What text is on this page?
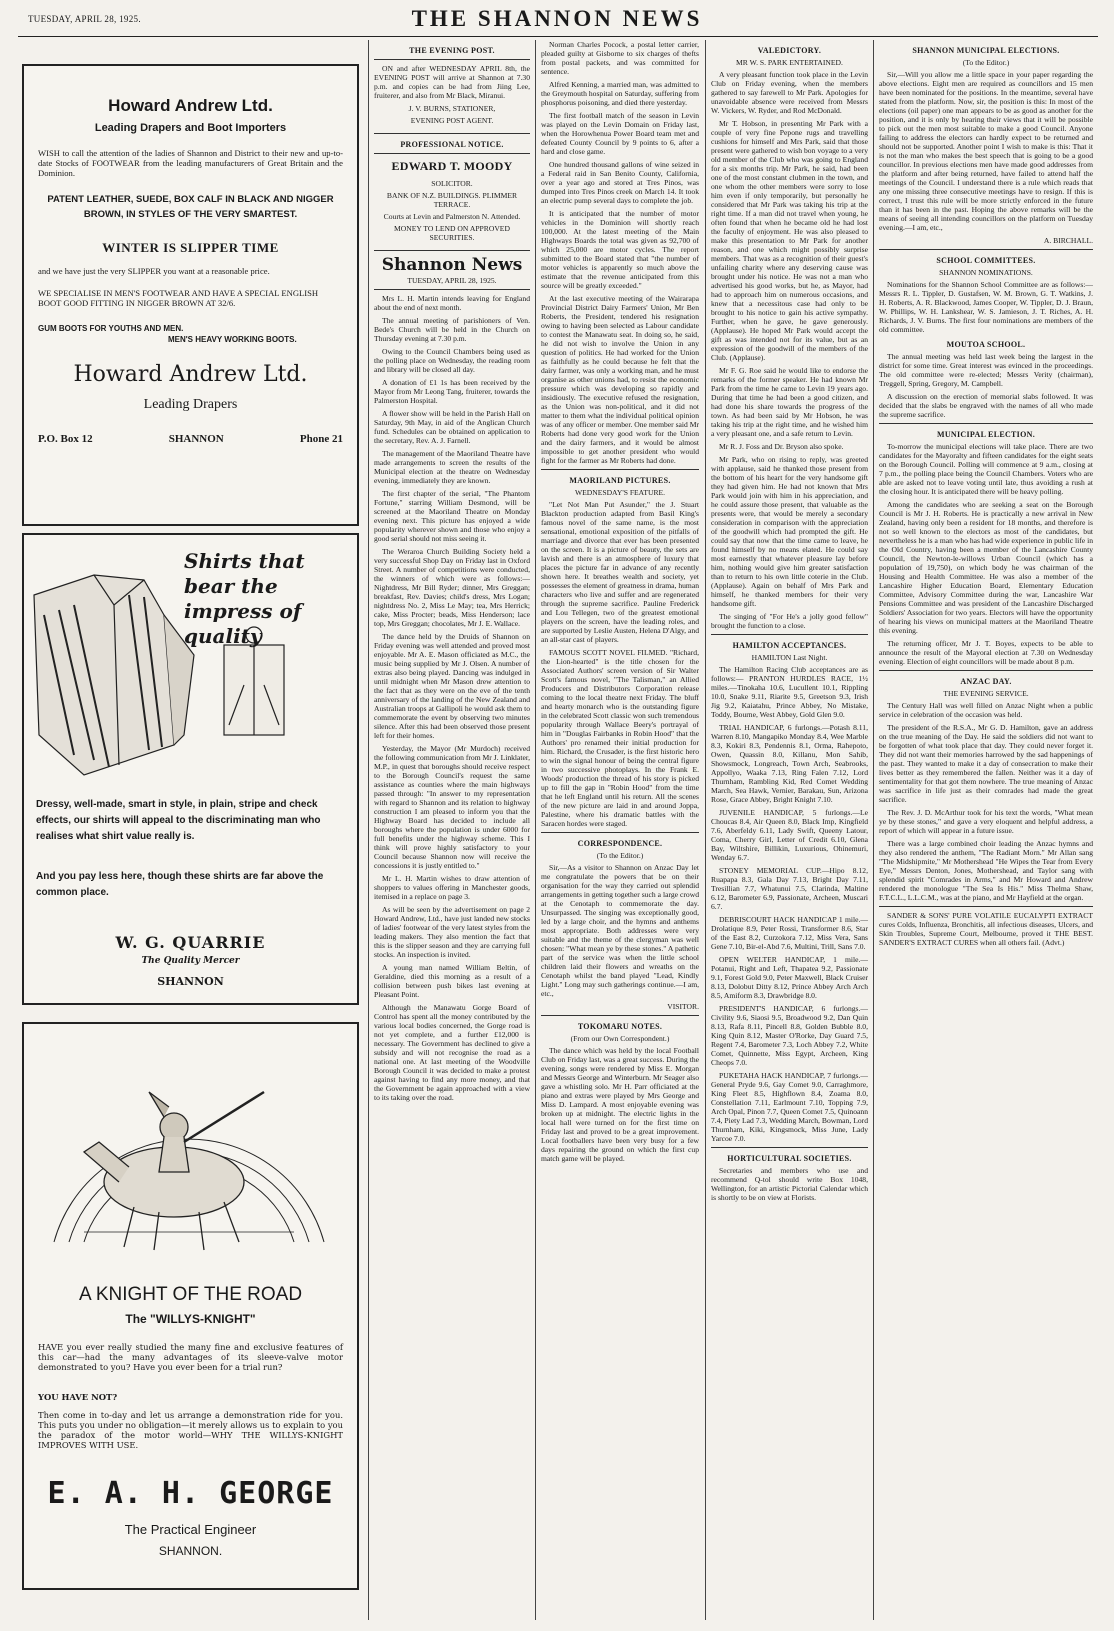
TUESDAY, APRIL 28, 1925.	THE SHANNON NEWS

Howard Andrew Ltd.

Leading Drapers and Boot Importers

WISH to call the attention of the ladies of Shannon and District to their new and up-to-date Stocks of FOOTWEAR from the leading manufacturers of Great Britain and the Dominion.

PATENT LEATHER, SUEDE, BOX CALF IN BLACK AND NIGGER BROWN, IN STYLES OF THE VERY SMARTEST.

WINTER IS SLIPPER TIME

and we have just the very SLIPPER you want at a reasonable price.

WE SPECIALISE IN MEN'S FOOTWEAR AND HAVE A SPECIAL ENGLISH BOOT GOOD FITTING IN NIGGER BROWN AT 32/6.

GUM BOOTS FOR YOUTHS AND MEN.

MEN'S HEAVY WORKING BOOTS.

Howard Andrew Ltd.

Leading Drapers

P.O. Box 12	SHANNON	Phone 21
Shirts that bear the impress of quality
Dressy, well-made, smart in style, in plain, stripe and check effects, our shirts will appeal to the discriminating man who realises what shirt value really is.
And you pay less here, though these shirts are far above the common place.
W. G. QUARRIE
The Quality Mercer
SHANNON
A KNIGHT OF THE ROAD
The "WILLYS-KNIGHT"
HAVE you ever really studied the many fine and exclusive features of this car—had the many advantages of its sleeve-valve motor demonstrated to you? Have you ever been for a trial run?
YOU HAVE NOT?
Then come in to-day and let us arrange a demonstration ride for you. This puts you under no obligation—it merely allows us to explain to you the paradox of the motor world—WHY THE WILLYS-KNIGHT IMPROVES WITH USE.
E. A. H. GEORGE
The Practical Engineer
SHANNON.
THE EVENING POST.

ON and after WEDNESDAY APRIL 8th, the EVENING POST will arrive at Shannon at 7.30 p.m. and copies can be had from Jiing Lee, fruiterer, and also from Mr Black, Miranui.

J. V. BURNS, STATIONER,
EVENING POST AGENT.
PROFESSIONAL NOTICE.
EDWARD T. MOODY
SOLICITOR.
BANK OF N.Z. BUILDINGS. PLIMMER TERRACE.
Courts at Levin and Palmerston N. Attended.
MONEY TO LEND ON APPROVED SECURITIES.
Shannon News
TUESDAY, APRIL 28, 1925.

Mrs L. H. Martin intends leaving for England about the end of next month.

The annual meeting of parishioners of Ven. Bede's Church will be held in the Church on Thursday evening at 7.30 p.m.

Owing to the Council Chambers being used as the polling place on Wednesday, the reading room and library will be closed all day.

A donation of £1 1s has been received by the Mayor from Mr Leong Tang, fruiterer, towards the Palmerston Hospital.

A flower show will be held in the Parish Hall on Saturday, 9th May, in aid of the Anglican Church fund. Schedules can be obtained on application to the secretary, Rev. A. J. Farnell.

The management of the Maoriland Theatre have made arrangements to screen the results of the Municipal election at the theatre on Wednesday evening, immediately they are known.

The first chapter of the serial, "The Phantom Fortune," starring William Desmond, will be screened at the Maoriland Theatre on Monday evening next. This picture has enjoyed a wide popularity wherever shown and those who enjoy a good serial should not miss seeing it.

The Weraroa Church Building Society held a very successful Shop Day on Friday last in Oxford Street. A number of competitions were conducted, the winners of which were as follows:—Nightdress, Mr Bill Ryder; dinner, Mrs Greggan; breakfast, Rev. Davies; child's dress, Mrs Logan; nightdress No. 2, Miss Le May; tea, Mrs Herrick; cake, Miss Procter; beads, Miss Henderson; lace top, Mrs Greggan; chocolates, Mr J. E. Wallace.

The dance held by the Druids of Shannon on Friday evening was well attended and proved most enjoyable. Mr A. E. Mason officiated as M.C., the music being supplied by Mr J. Olsen. A number of extras also being played. Dancing was indulged in until midnight when Mr Mason drew attention to the fact that as they were on the eve of the tenth anniversary of the landing of the New Zealand and Australian troops at Gallipoli he would ask them to commemorate the event by observing two minutes silence. After this had been observed those present left for their homes.

Yesterday, the Mayor (Mr Murdoch) received the following communication from Mr J. Linklater, M.P., in quest that boroughs should receive respect to the Borough Council's request the same assistance as counties where the main highways passed through: "In answer to my representation with regard to Shannon and its relation to highway construction I am pleased to inform you that the Highway Board has decided to include all boroughs where the population is under 6000 for full benefits under the highway scheme. This I think will prove highly satisfactory to your Council because Shannon now will receive the concessions it is justly entitled to."

Mr L. H. Martin wishes to draw attention of shoppers to values offering in Manchester goods, itemised in a replace on page 3.

As will be seen by the advertisement on page 2 Howard Andrew, Ltd., have just landed new stocks of ladies' footwear of the very latest styles from the leading makers. They also mention the fact that this is the slipper season and they are carrying full stocks. An inspection is invited.

A young man named William Beltin, of Geraldine, died this morning as a result of a collision between push bikes last evening at Pleasant Point.

Although the Manawatu Gorge Board of Control has spent all the money contributed by the various local bodies concerned, the Gorge road is not yet complete, and a further £12,000 is necessary. The Government has declined to give a subsidy and will not recognise the road as a national one. At last meeting of the Woodville Borough Council it was decided to make a protest against having to find any more money, and that the Government be again approached with a view to its taking over the road.

Norman Charles Pocock, a postal letter carrier, pleaded guilty at Gisborne to six charges of thefts from postal packets, and was committed for sentence.

Alfred Kenning, a married man, was admitted to the Greymouth hospital on Saturday, suffering from phosphorus poisoning, and died there yesterday.

The first football match of the season in Levin was played on the Levin Domain on Friday last, when the Horowhenua Power Board team met and defeated County Council by 9 points to 6, after a hard and close game.

One hundred thousand gallons of wine seized in a Federal raid in San Benito County, California, over a year ago and stored at Tres Pinos, was dumped into Tres Pinos creek on March 14. It took an electric pump several days to complete the job.

It is anticipated that the number of motor vehicles in the Dominion will shortly reach 100,000. At the latest meeting of the Main Highways Boards the total was given as 92,700 of which 25,000 are motor cycles. The report submitted to the Board stated that "the number of motor vehicles is apparently so much above the estimate that the revenue anticipated from this source will be greatly exceeded."

At the last executive meeting of the Wairarapa Provincial District Dairy Farmers' Union, Mr Ben Roberts, the President, tendered his resignation owing to having been selected as Labour candidate to contest the Manawatu seat. In doing so, he said, he did not wish to involve the Union in any question of politics. He had worked for the Union as faithfully as he could because he felt that the dairy farmer, was only a working man, and he must organise as other unions had, to resist the economic pressure which was developing so rapidly and insidiously. The executive refused the resignation, as the Union was non-political, and it did not matter to them what the individual political opinion was of any officer or member. One member said Mr Roberts had done very good work for the Union and the dairy farmers, and it would be almost impossible to get another president who would fight for the farmer as Mr Roberts had done.

MAORILAND PICTURES.
WEDNESDAY'S FEATURE.

"Let Not Man Put Asunder," the J. Stuart Blackton production adapted from Basil King's famous novel of the same name, is the most sensational, emotional exposition of the pitfalls of marriage and divorce that ever has been presented on the screen. It is a picture of beauty, the sets are lavish and there is an atmosphere of luxury that places the picture far in advance of any recently shown here. It breathes wealth and society, yet possesses the element of greatness in drama, human characters who live and suffer and are regenerated through the supreme sacrifice. Pauline Frederick and Lou Tellegen, two of the greatest emotional players on the screen, have the leading roles, and are supported by Leslie Austen, Helena D'Algy, and an all-star cast of players.

FAMOUS SCOTT NOVEL FILMED. "Richard, the Lion-hearted" is the title chosen for the Associated Authors' screen version of Sir Walter Scott's famous novel, "The Talisman," an Allied Producers and Distributors Corporation release coming to the local theatre next Friday. The bluff and hearty monarch who is the outstanding figure in the celebrated Scott classic won such tremendous popularity through Wallace Beery's portrayal of him in "Douglas Fairbanks in Robin Hood" that the Authors' pro renamed their initial production for him. Richard, the Crusader, is the first historic hero to win the signal honour of being the central figure in two successive photoplays. In the Frank E. Woods' production the thread of his story is picked up to fill the gap in "Robin Hood" from the time that he left England until his return. All the scenes of the new picture are laid in and around Joppa, Palestine, where his dramatic battles with the Saracen hordes were staged.

CORRESPONDENCE.
(To the Editor.)

Sir,—As a visitor to Shannon on Anzac Day let me congratulate the powers that be on their organisation for the way they carried out splendid arrangements in getting together such a large crowd at the Cenotaph to commemorate the day. Unsurpassed. The singing was exceptionally good, led by a large choir, and the hymns and anthems most appropriate. Both addresses were very suitable and the theme of the clergyman was well chosen: "What mean ye by these stones." A pathetic part of the service was when the little school children laid their flowers and wreaths on the Cenotaph whilst the band played "Lead, Kindly Light." Long may such gatherings continue.—I am, etc.,

VISITOR.
TOKOMARU NOTES.
(From our Own Correspondent.)

The dance which was held by the local Football Club on Friday last, was a great success. During the evening, songs were rendered by Miss E. Morgan and Messrs George and Winterburn. Mr Seager also gave a whistling solo. Mr H. Parr officiated at the piano and extras were played by Mrs George and Miss D. Lampard. A most enjoyable evening was broken up at midnight. The electric lights in the local hall were turned on for the first time on Friday last and proved to be a great improvement. Local footballers have been very busy for a few days repairing the ground on which the first cup match game will be played.

VALEDICTORY.
MR W. S. PARK ENTERTAINED.

A very pleasant function took place in the Levin Club on Friday evening, when the members gathered to say farewell to Mr Park. Apologies for unavoidable absence were received from Messrs W. Vickers, W. Ryder, and Rod McDonald.

Mr T. Hobson, in presenting Mr Park with a couple of very fine Pepone rugs and travelling cushions for himself and Mrs Park, said that those present were gathered to wish bon voyage to a very old member of the Club who was going to England for a six months trip. Mr Park, he said, had been one of the most constant clubmen in the town, and one whom the other members were sorry to lose him even if only temporarily, but personally he considered that Mr Park was taking his trip at the right time. If a man did not travel when young, he often found that when he became old he had lost the faculty of enjoyment. He was also pleased to make this presentation to Mr Park for another reason, and one which might possibly surprise members. That was as a recognition of their guest's unfailing charity where any deserving cause was brought under his notice. He was not a man who advertised his good works, but he, as Mayor, had had to approach him on numerous occasions, and knew that a necessitous case had only to be brought to his notice to gain his active sympathy. Further, when he gave, he gave generously. (Applause). He hoped Mr Park would accept the gift as was intended not for its value, but as an expression of the goodwill of the members of the Club. (Applause).

Mr F. G. Roe said he would like to endorse the remarks of the former speaker. He had known Mr Park from the time he came to Levin 19 years ago. During that time he had been a good citizen, and had done his share towards the progress of the town. As had been said by Mr Hobson, he was taking his trip at the right time, and he wished him a very pleasant one, and a safe return to Levin.

Mr R. J. Foss and Dr. Bryson also spoke.

Mr Park, who on rising to reply, was greeted with applause, said he thanked those present from the bottom of his heart for the very handsome gift they had given him. He had not known that Mrs Park would join with him in his appreciation, and he could assure those present, that valuable as the presents were, that would be merely a secondary consideration in comparison with the appreciation of the goodwill which had prompted the gift. He could say that now that the time came to leave, he found himself by no means elated. He could say most earnestly that whatever pleasure lay before him, nothing would give him greater satisfaction than to return to his own little coterie in the Club. (Applause). Again on behalf of Mrs Park and himself, he thanked members for their very handsome gift.

The singing of "For He's a jolly good fellow" brought the function to a close.

HAMILTON ACCEPTANCES.
HAMILTON Last Night.

The Hamilton Racing Club acceptances are as follows:— PRANTON HURDLES RACE, 1½ miles.—Tinokaha 10.6, Lucullent 10.1, Rippling 10.0, Snake 9.11, Riarite 9.5, Greetson 9.3, Irish Jig 9.2, Kaiatahu, Prince Abbey, No Mistake, Toddy, Bourne, West Abbey, Gold Glen 9.0.

TRIAL HANDICAP, 6 furlongs.—Potash 8.11, Warren 8.10, Mangapiko Monday 8.4, Wee Marble 8.3, Kokiri 8.3, Pendennis 8.1, Orma, Rahepoto, Owen, Quassin 8.0, Killanu, Mon Sahib, Showsmock, Longreach, Town Arch, Seabrooks, Appollyo, Waaka 7.13, Ring Falen 7.12, Lord Thurnham, Rambling Kid, Red Comet Wedding March, Sea Hawk, Vernier, Barakau, Sun, Arizona Rose, Grace Abbey, Bright Knight 7.10.

JUVENILE HANDICAP, 5 furlongs.—Le Choucas 8.4, Air Queen 8.0, Black Imp, Kingfield 7.6, Aberfeldy 6.11, Lady Swift, Queeny Latour, Coma, Cherry Girl, Letter of Credit 6.10, Glena Bay, Wiltshire, Billikin, Luxurious, Ohinemuri, Wenday 6.7.

STONEY MEMORIAL CUP.—Hipo 8.12, Ruapapa 8.3, Gala Day 7.13, Bright Day 7.11, Tresillian 7.7, Whatunui 7.5, Clarinda, Maltine 6.12, Barometer 6.9, Passionate, Archeen, Muscari 6.7.

DEBRISCOURT HACK HANDICAP 1 mile.—Drolatique 8.9, Peter Rossi, Transformer 8.6, Star of the East 8.2, Curzokora 7.12, Miss Vera, Sans Gene 7.10, Bir-el-Abd 7.6, Multini, Trill, Sans 7.0.

OPEN WELTER HANDICAP, 1 mile.—Potanui, Right and Left, Thapatea 9.2, Passionate 9.1, Forest Gold 9.0, Peter Maxwell, Black Cruiser 8.13, Dolobut Ditty 8.12, Prince Abbey Arch Arch 8.5, Amiform 8.3, Drawbridge 8.0.

PRESIDENT'S HANDICAP, 6 furlongs.—Civility 9.6, Siaosi 9.5, Broadwood 9.2, Dan Quin 8.13, Rafa 8.11, Pincell 8.8, Golden Bubble 8.0, King Quin 8.12, Master O'Rorke, Day Guard 7.5, Regent 7.4, Barometer 7.3, Loch Abbey 7.2, White Comet, Quinnette, Miss Egypt, Archeen, King Cheops 7.0.

PUKETAHA HACK HANDICAP, 7 furlongs.—General Pryde 9.6, Gay Comet 9.0, Carraghmore, King Fleet 8.5, Highflown 8.4, Zoama 8.0, Constellation 7.11, Earlmount 7.10, Topping 7.9, Arch Opal, Pinon 7.7, Queen Comet 7.5, Quinoann 7.4, Piety Lad 7.3, Wedding March, Bowman, Lord Thurnham, Kiki, Kingsmock, Miss June, Lady Yarcoe 7.0.

HORTICULTURAL SOCIETIES.

Secretaries and members who use and recommend Q-tol should write Box 1048, Wellington, for an artistic Pictorial Calendar which is shortly to be on view at Florists.

SHANNON MUNICIPAL ELECTIONS.
(To the Editor.)

Sir,—Will you allow me a little space in your paper regarding the above elections. Eight men are required as councillors and 15 men have been nominated for the positions. In the meantime, several have stated from the platform. Now, sir, the position is this: In most of the elections (oil paper) one man appears to be as good as another for the position, and it is only by hearing their views that it will be possible to pick out the men most suitable to make a good Council. Anyone failing to address the electors can hardly expect to be returned and should not be supported. Another point I wish to make is this: That it is not the man who makes the best speech that is going to be a good councillor. In previous elections men have made good addresses from the platform and after being returned, have failed to attend half the meetings of the Council. I understand there is a rule which reads that any one missing three consecutive meetings have to resign. If this is correct, I trust this rule will be more strictly enforced in the future than it has been in the past. Hoping the above remarks will be the means of seeing all intending councillors on the platform on Tuesday evening.—I am, etc.,

A. BIRCHALL.
SCHOOL COMMITTEES.
SHANNON NOMINATIONS.

Nominations for the Shannon School Committee are as follows:—Messrs R. L. Tippler, D. Gustafsen, W. M. Brown, G. T. Watkins, J. H. Roberts, A. R. Blackwood, James Cooper, W. Tippler, D. J. Braun, W. Phillips, W. H. Lankshear, W. S. Jamieson, J. T. Riches, A. H. Richards, J. V. Burns. The first four nominations are members of the old committee.

MOUTOA SCHOOL.

The annual meeting was held last week being the largest in the district for some time. Great interest was evinced in the proceedings. The old committee were re-elected; Messrs Verity (chairman), Treggell, Spring, Gregory, M. Campbell.

A discussion on the erection of memorial slabs followed. It was decided that the slabs be engraved with the names of all who made the supreme sacrifice.

MUNICIPAL ELECTION.

To-morrow the municipal elections will take place. There are two candidates for the Mayoralty and fifteen candidates for the eight seats on the Borough Council. Polling will commence at 9 a.m., closing at 7 p.m., the polling place being the Council Chambers. Voters who are able are asked not to leave voting until late, thus avoiding a rush at the closing hour. It is anticipated there will be heavy polling.

Among the candidates who are seeking a seat on the Borough Council is Mr J. H. Roberts. He is practically a new arrival in New Zealand, having only been a resident for 18 months, and therefore is not so well known to the electors as most of the candidates, but nevertheless he is a man who has had wide experience in public life in the Old Country, having been a member of the Lancashire County Council, the Newton-le-willows Urban Council (which has a population of 19,750), on which body he was chairman of the Housing and Health Committee. He was also a member of the Lancashire Higher Education Board, Elementary Education Committee, Advisory Committee during the war, Lancashire War Pensions Committee and was president of the Lancashire Discharged Soldiers' Association for two years. Electors will have the opportunity of hearing his views on municipal matters at the Maoriland Theatre this evening.

The returning officer, Mr J. T. Boyes, expects to be able to announce the result of the Mayoral election at 7.30 on Wednesday evening. Election of eight councillors will be made about 8 p.m.

ANZAC DAY.
THE EVENING SERVICE.

The Century Hall was well filled on Anzac Night when a public service in celebration of the occasion was held.

The president of the R.S.A., Mr G. D. Hamilton, gave an address on the true meaning of the Day. He said the soldiers did not want to be forgotten of what took place that day. They could never forget it. They did not want their memories harrowed by the sad happenings of the past. They wanted to make it a day of consecration to make their lives better as they remembered the fallen. Neither was it a day of sentimentality for that got them nowhere. The true meaning of Anzac was sacrifice in life just as their comrades had made the great sacrifice.

The Rev. J. D. McArthur took for his text the words, "What mean ye by these stones," and gave a very eloquent and helpful address, a report of which will appear in a future issue.

There was a large combined choir leading the Anzac hymns and they also rendered the anthem, "The Radiant Morn." Mr Allan sang "The Midshipmite," Mr Mothershead "He Wipes the Tear from Every Eye," Messrs Denton, Jones, Mothershead, and Taylor sang with splendid spirit "Comrades in Arms," and Mr Howard and Andrew rendered the monologue "The Sea Is His." Miss Thelma Shaw, F.T.C.L., L.L.C.M., was at the piano, and Mr Hayfield at the organ.

SANDER & SONS' PURE VOLATILE EUCALYPTI EXTRACT cures Colds, Influenza, Bronchitis, all infectious diseases, Ulcers, and Skin Troubles, Supreme Court, Melbourne, proved it THE BEST. SANDER'S EXTRACT CURES when all others fail. (Advt.)
